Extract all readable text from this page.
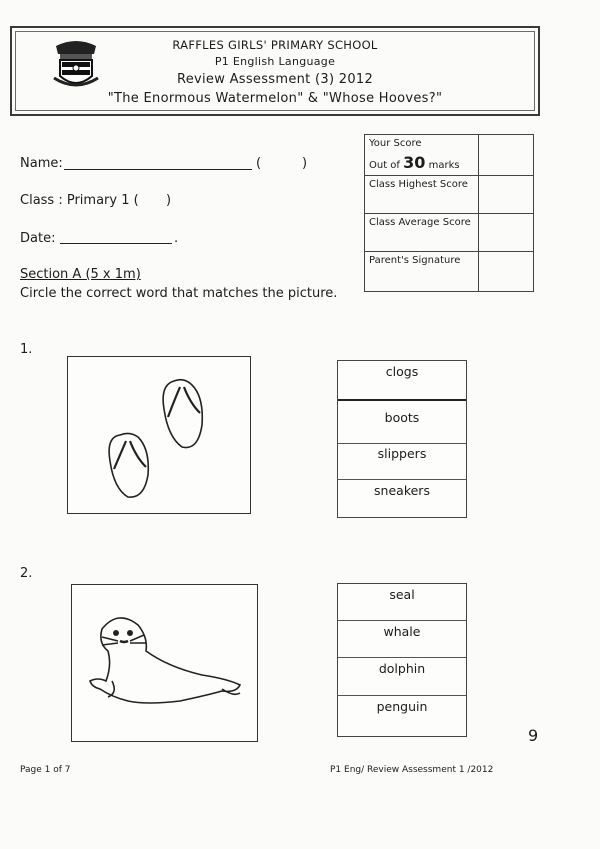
RAFFLES GIRLS' PRIMARY SCHOOL
P1 English Language
Review Assessment (3) 2012
"The Enormous Watermelon" & "Whose Hooves?"
Name:	(	)
Class : Primary 1 ( )
Date:	.
Your Score
Out of 30 marks	

Class Highest Score	
Class Average Score	
Parent's Signature	
Section A (5 x 1m)
Circle the correct word that matches the picture.
1.
clogs
boots
slippers
sneakers
2.
seal
whale
dolphin
penguin
9
Page 1 of 7	P1 Eng/ Review Assessment 1 /2012
